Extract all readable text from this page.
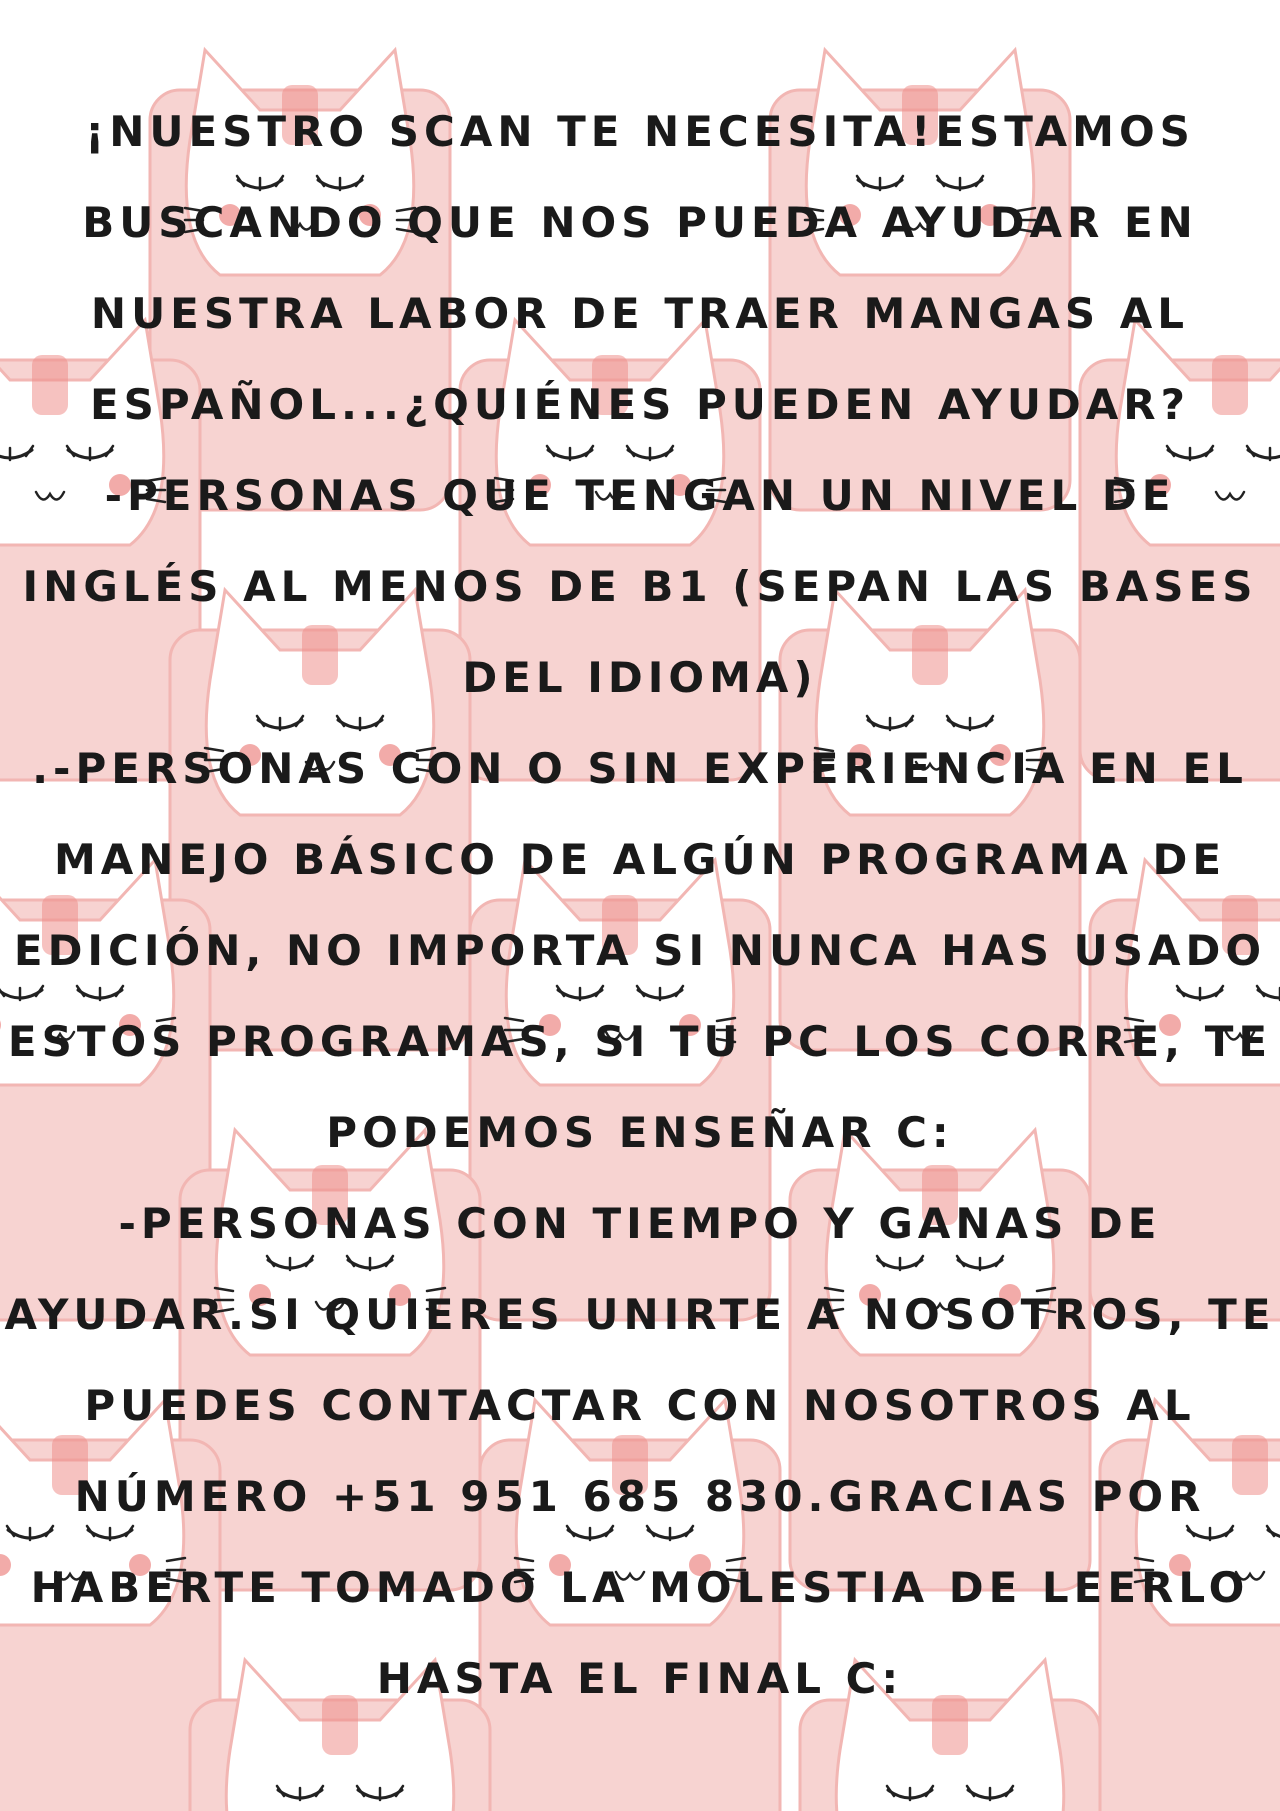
¡NUESTRO SCAN TE NECESITA!ESTAMOS
BUSCANDO QUE NOS PUEDA AYUDAR EN
NUESTRA LABOR DE TRAER MANGAS AL
ESPAÑOL...¿QUIÉNES PUEDEN AYUDAR?
-PERSONAS QUE TENGAN UN NIVEL DE
INGLÉS AL MENOS DE B1 (SEPAN LAS BASES
DEL IDIOMA)
.-PERSONAS CON O SIN EXPERIENCIA EN EL
MANEJO BÁSICO DE ALGÚN PROGRAMA DE
EDICIÓN, NO IMPORTA SI NUNCA HAS USADO
ESTOS PROGRAMAS, SI TU PC LOS CORRE, TE
PODEMOS ENSEÑAR C:
-PERSONAS CON TIEMPO Y GANAS DE
AYUDAR.SI QUIERES UNIRTE A NOSOTROS, TE
PUEDES CONTACTAR CON NOSOTROS AL
NÚMERO +51 951 685 830.GRACIAS POR
HABERTE TOMADO LA MOLESTIA DE LEERLO
HASTA EL FINAL C:
